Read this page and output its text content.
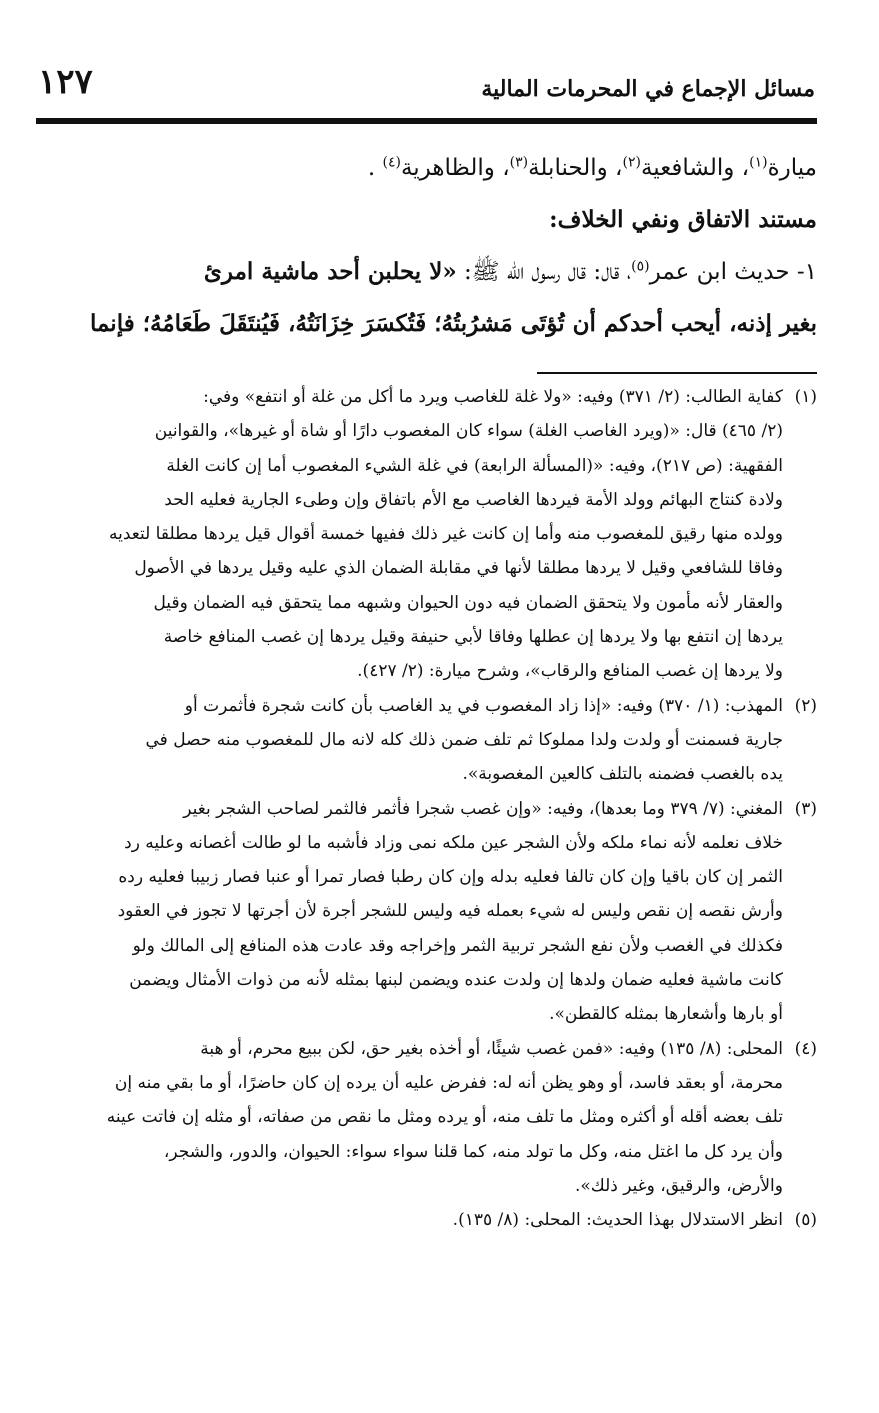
مسائل الإجماع في المحرمات المالية
١٢٧

ميارة$^{(١)}$، والشافعية$^{(٢)}$، والحنابلة$^{(٣)}$، والظاهرية$^{(٤)}$ .

مستند الاتفاق ونفي الخلاف:

١- حديث ابن عمر$^{(٥)}$، قال: قال رسول الله ﷺ: «لا يحلبن أحد ماشية امرئ

بغير إذنه، أيحب أحدكم أن تُؤتَى مَشرُبتُهُ؛ فَتُكسَرَ خِزَانَتُهُ، فَيُنتَقَلَ طَعَامُهُ؛ فإنما

(١)
كفاية الطالب: (٢/ ٣٧١) وفيه: «ولا غلة للغاصب ويرد ما أكل من غلة أو انتفع» وفي:
(٢/ ٤٦٥) قال: «(ويرد الغاصب الغلة) سواء كان المغصوب دارًا أو شاة أو غيرها»، والقوانين
الفقهية: (ص ٢١٧)، وفيه: «(المسألة الرابعة) في غلة الشيء المغصوب أما إن كانت الغلة
ولادة كنتاج البهائم وولد الأمة فيردها الغاصب مع الأم باتفاق وإن وطىء الجارية فعليه الحد
وولده منها رقيق للمغصوب منه وأما إن كانت غير ذلك ففيها خمسة أقوال قيل يردها مطلقا لتعديه
وفاقا للشافعي وقيل لا يردها مطلقا لأنها في مقابلة الضمان الذي عليه وقيل يردها في الأصول
والعقار لأنه مأمون ولا يتحقق الضمان فيه دون الحيوان وشبهه مما يتحقق فيه الضمان وقيل
يردها إن انتفع بها ولا يردها إن عطلها وفاقا لأبي حنيفة وقيل يردها إن غصب المنافع خاصة
ولا يردها إن غصب المنافع والرقاب»، وشرح ميارة: (٢/ ٤٢٧).
(٢)
المهذب: (١/ ٣٧٠) وفيه: «إذا زاد المغصوب في يد الغاصب بأن كانت شجرة فأثمرت أو
جارية فسمنت أو ولدت ولدا مملوكا ثم تلف ضمن ذلك كله لانه مال للمغصوب منه حصل في
يده بالغصب فضمنه بالتلف كالعين المغصوبة».
(٣)
المغني: (٧/ ٣٧٩ وما بعدها)، وفيه: «وإن غصب شجرا فأثمر فالثمر لصاحب الشجر بغير
خلاف نعلمه لأنه نماء ملكه ولأن الشجر عين ملكه نمى وزاد فأشبه ما لو طالت أغصانه وعليه رد
الثمر إن كان باقيا وإن كان تالفا فعليه بدله وإن كان رطبا فصار تمرا أو عنبا فصار زبيبا فعليه رده
وأرش نقصه إن نقص وليس له شيء بعمله فيه وليس للشجر أجرة لأن أجرتها لا تجوز في العقود
فكذلك في الغصب ولأن نفع الشجر تربية الثمر وإخراجه وقد عادت هذه المنافع إلى المالك ولو
كانت ماشية فعليه ضمان ولدها إن ولدت عنده ويضمن لبنها بمثله لأنه من ذوات الأمثال ويضمن
أو بارها وأشعارها بمثله كالقطن».
(٤)
المحلى: (٨/ ١٣٥) وفيه: «فمن غصب شيئًا، أو أخذه بغير حق، لكن ببيع محرم، أو هبة
محرمة، أو بعقد فاسد، أو وهو يظن أنه له: ففرض عليه أن يرده إن كان حاضرًا، أو ما بقي منه إن
تلف بعضه أقله أو أكثره ومثل ما تلف منه، أو يرده ومثل ما نقص من صفاته، أو مثله إن فاتت عينه
وأن يرد كل ما اغتل منه، وكل ما تولد منه، كما قلنا سواء سواء: الحيوان، والدور، والشجر،
والأرض، والرقيق، وغير ذلك».
(٥)
انظر الاستدلال بهذا الحديث: المحلى: (٨/ ١٣٥).
